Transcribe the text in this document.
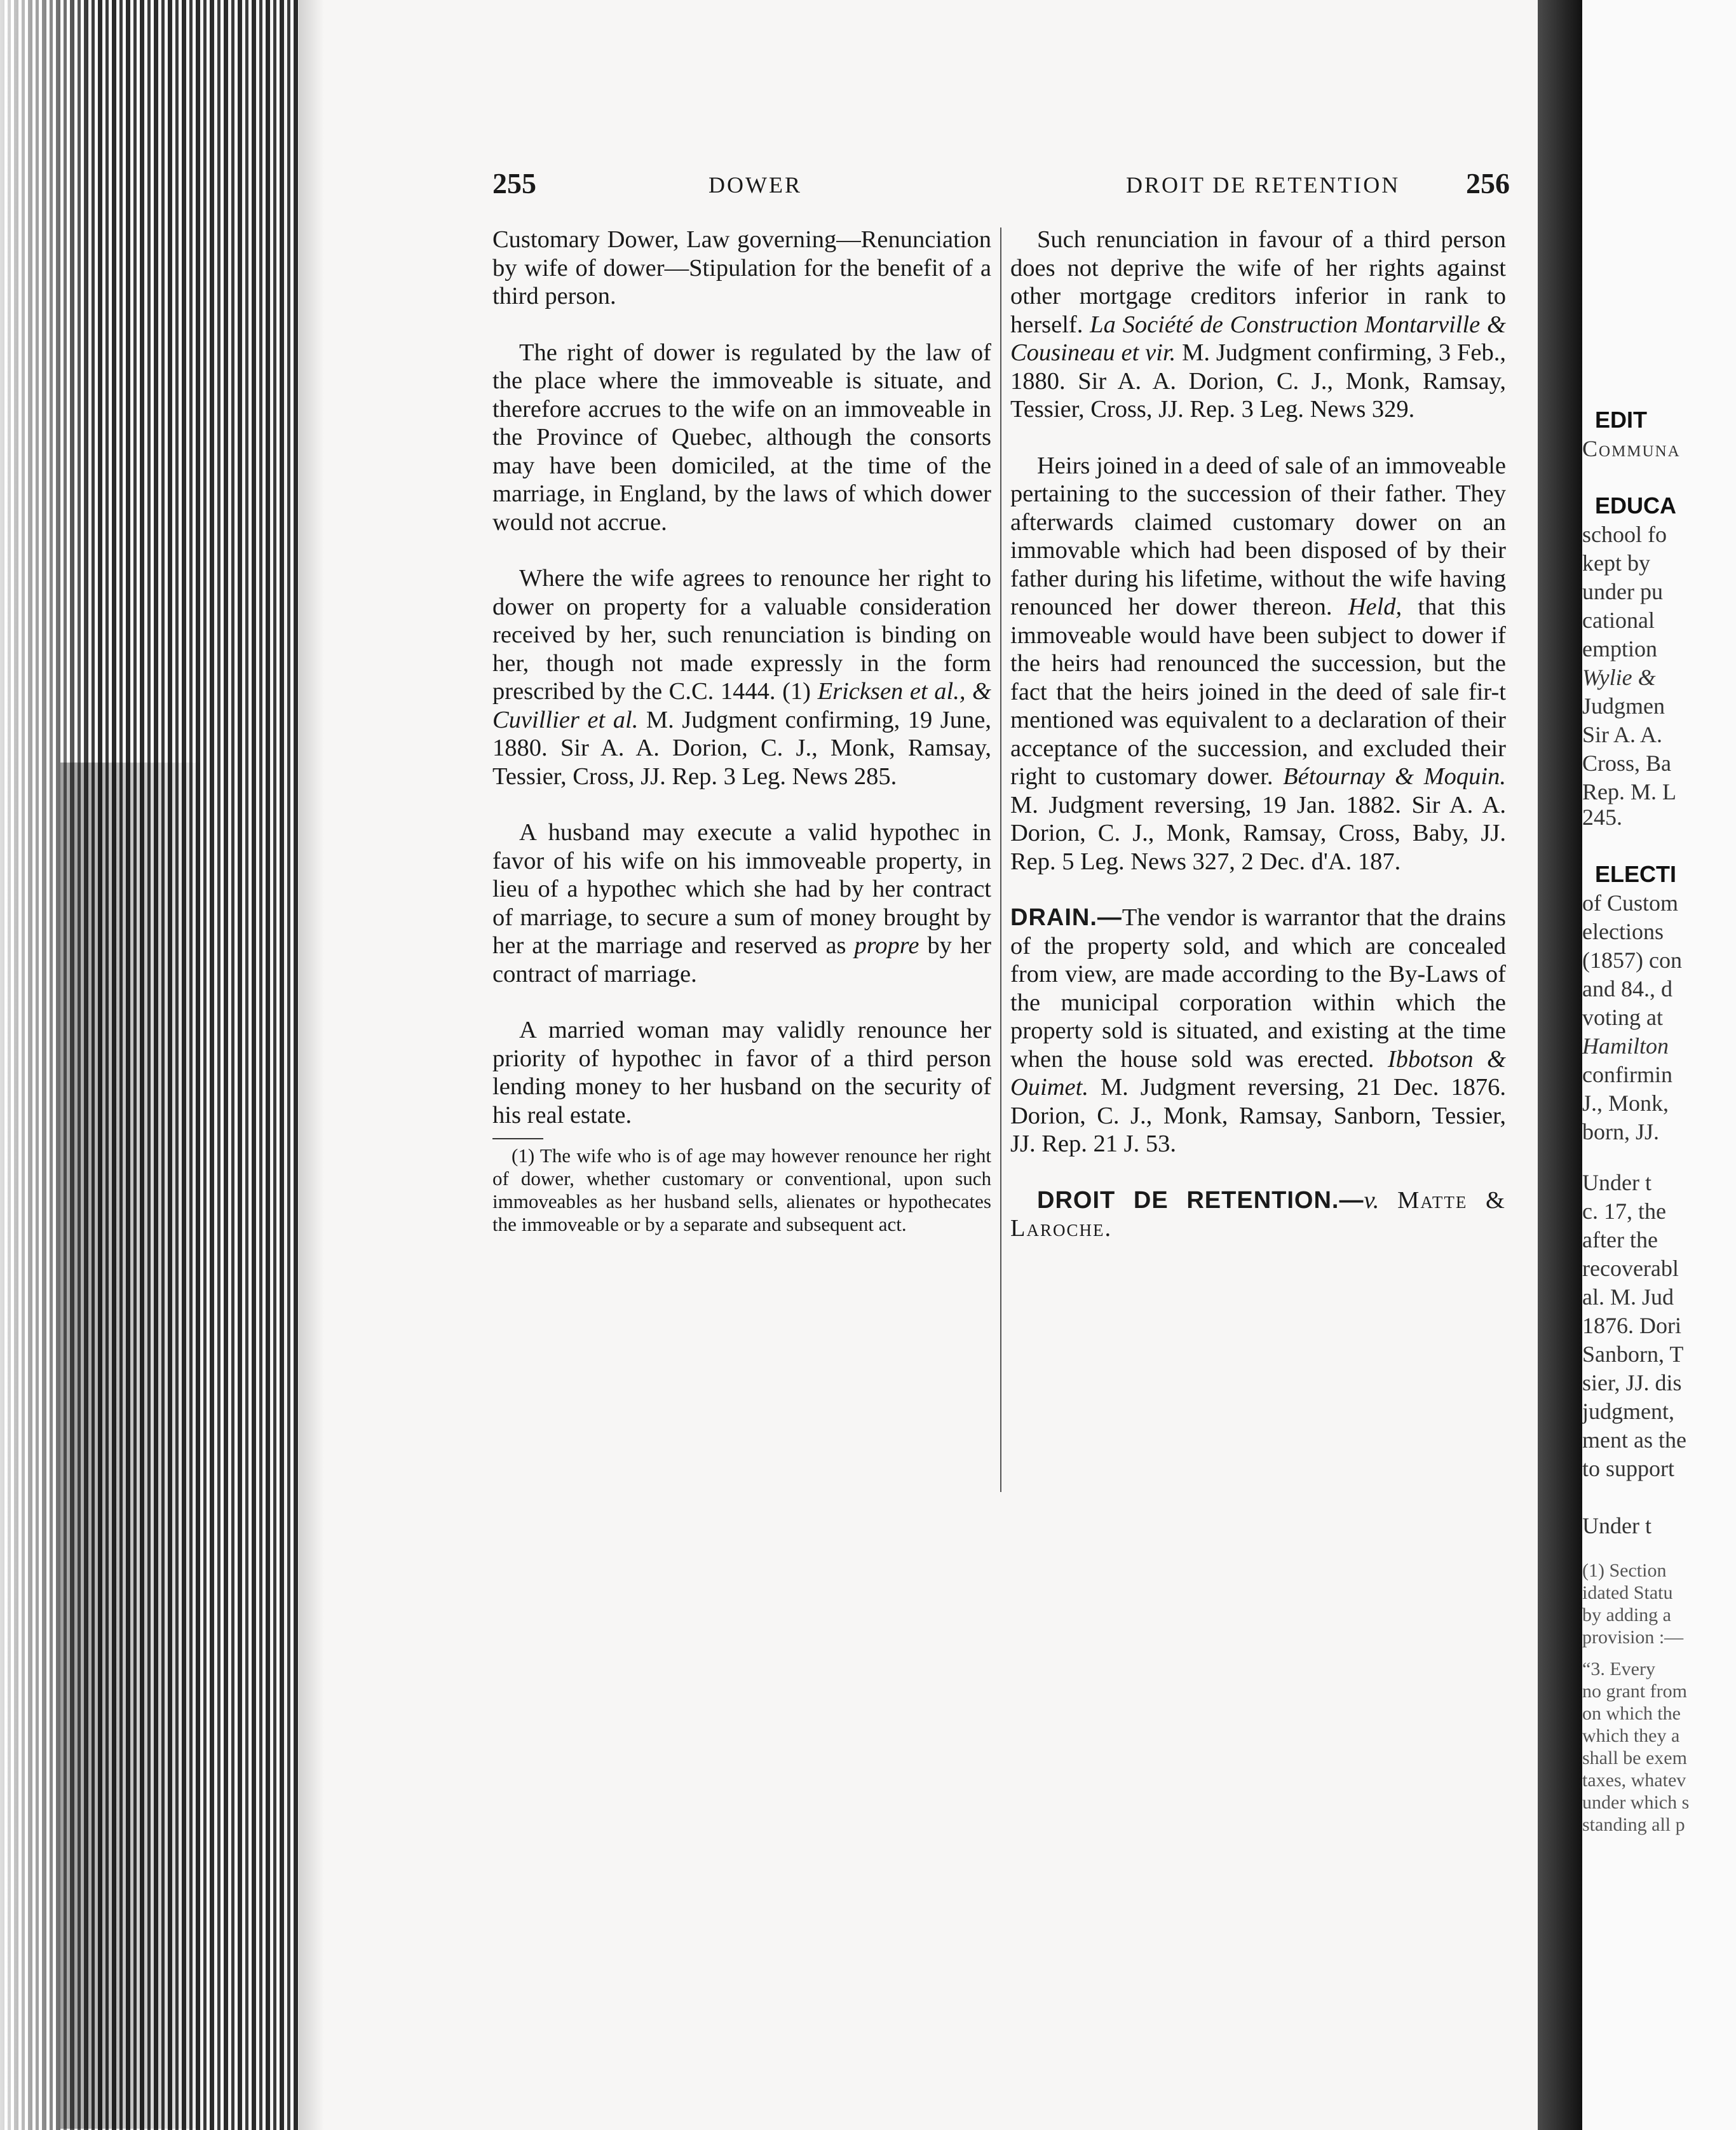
255	DOWER	DROIT DE RETENTION 256

Customary Dower, Law governing—Renunciation by wife of dower—Stipulation for the benefit of a third person.

The right of dower is regulated by the law of the place where the immoveable is situate, and therefore accrues to the wife on an immoveable in the Province of Quebec, although the consorts may have been domiciled, at the time of the marriage, in England, by the laws of which dower would not accrue.

Where the wife agrees to renounce her right to dower on property for a valuable consideration received by her, such renunciation is binding on her, though not made expressly in the form prescribed by the C.C. 1444. (1) Ericksen et al., & Cuvillier et al. M. Judgment confirming, 19 June, 1880. Sir A. A. Dorion, C. J., Monk, Ramsay, Tessier, Cross, JJ. Rep. 3 Leg. News 285.

A husband may execute a valid hypothec in favor of his wife on his immoveable property, in lieu of a hypothec which she had by her contract of marriage, to secure a sum of money brought by her at the marriage and reserved as propre by her contract of marriage.

A married woman may validly renounce her priority of hypothec in favor of a third person lending money to her husband on the security of his real estate.

(1) The wife who is of age may however renounce her right of dower, whether customary or conventional, upon such immoveables as her husband sells, alienates or hypothecates the immoveable or by a separate and subsequent act.

Such renunciation in favour of a third person does not deprive the wife of her rights against other mortgage creditors inferior in rank to herself. La Société de Construction Montarville & Cousineau et vir. M. Judgment confirming, 3 Feb., 1880. Sir A. A. Dorion, C. J., Monk, Ramsay, Tessier, Cross, JJ. Rep. 3 Leg. News 329.

Heirs joined in a deed of sale of an immoveable pertaining to the succession of their father. They afterwards claimed customary dower on an immovable which had been disposed of by their father during his lifetime, without the wife having renounced her dower thereon. Held, that this immoveable would have been subject to dower if the heirs had renounced the succession, but the fact that the heirs joined in the deed of sale fir-t mentioned was equivalent to a declaration of their acceptance of the succession, and excluded their right to customary dower. Bétournay & Moquin. M. Judgment reversing, 19 Jan. 1882. Sir A. A. Dorion, C. J., Monk, Ramsay, Cross, Baby, JJ. Rep. 5 Leg. News 327, 2 Dec. d'A. 187.

DRAIN.—The vendor is warrantor that the drains of the property sold, and which are concealed from view, are made according to the By-Laws of the municipal corporation within which the property sold is situated, and existing at the time when the house sold was erected. Ibbotson & Ouimet. M. Judgment reversing, 21 Dec. 1876. Dorion, C. J., Monk, Ramsay, Sanborn, Tessier, JJ. Rep. 21 J. 53.

DROIT DE RETENTION.—v. Matte & Laroche.

EDIT
Communa
EDUCA
school fo
kept by
under pu
cational
emption
Wylie &
Judgmen
Sir A. A.
Cross, Ba
Rep. M. L
245.
ELECTI
of Custom
elections
(1857) con
and 84., d
voting at
Hamilton
confirmin
J., Monk,
born, JJ.
Under t
c. 17, the
after the
recoverabl
al. M. Jud
1876. Dori
Sanborn, T
sier, JJ. dis
judgment,
ment as the
to support
Under t
(1) Section
idated Statu
by adding a
provision :—
“3. Every
no grant from
on which the
which they a
shall be exem
taxes, whatev
under which s
standing all p
